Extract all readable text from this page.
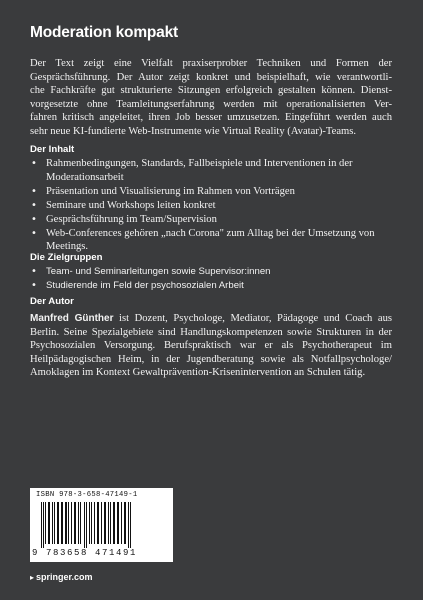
Moderation kompakt
Der Text zeigt eine Vielfalt praxiserprobter Techniken und Formen der
Gesprächsführung. Der Autor zeigt konkret und beispielhaft, wie verantwortli-
che Fachkräfte gut strukturierte Sitzungen erfolgreich gestalten können. Dienst-
vorgesetzte ohne Teamleitungserfahrung werden mit operationalisierten Ver-
fahren kritisch angeleitet, ihren Job besser umzusetzen. Eingeführt werden auch
sehr neue KI-fundierte Web-Instrumente wie Virtual Reality (Avatar)-Teams.
Der Inhalt
• Rahmenbedingungen, Standards, Fallbeispiele und Interventionen in der Moderationsarbeit
• Präsentation und Visualisierung im Rahmen von Vorträgen
• Seminare und Workshops leiten konkret
• Gesprächsführung im Team/Supervision
• Web-Conferences gehören „nach Corona" zum Alltag bei der Umsetzung von Meetings.
Die Zielgruppen
• Team- und Seminarleitungen sowie Supervisor:innen
• Studierende im Feld der psychosozialen Arbeit
Der Autor
Manfred Günther ist Dozent, Psychologe, Mediator, Pädagoge und Coach aus Berlin. Seine Spezialgebiete sind Handlungskompetenzen sowie Strukturen in der Psychosozialen Versorgung. Berufspraktisch war er als Psychotherapeut im Heilpädagogischen Heim, in der Jugendberatung sowie als Notfallpsychologe/ Amoklagen im Kontext Gewaltprävention-Krisenintervention an Schulen tätig.
ISBN 978-3-658-47149-1
9 783658 471491
▸ springer.com
